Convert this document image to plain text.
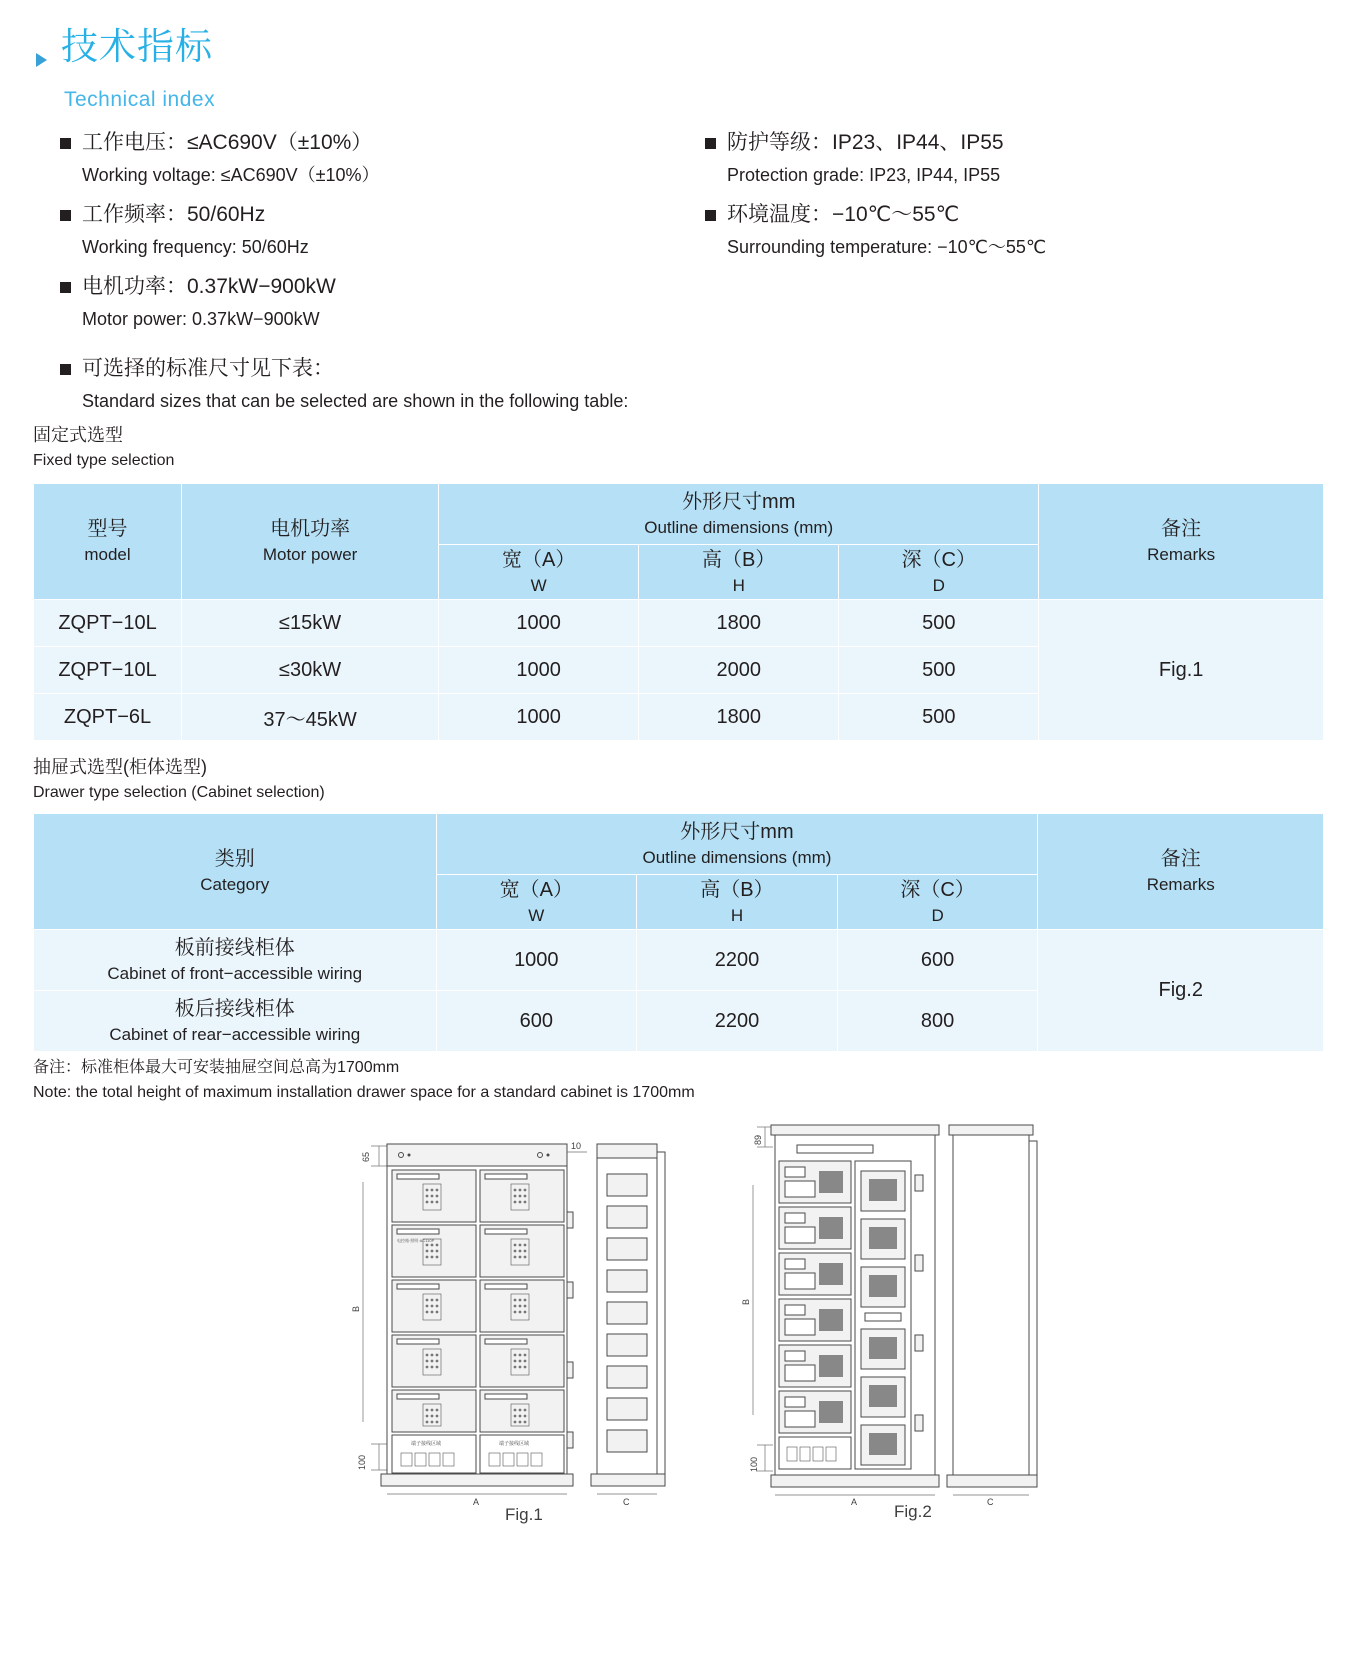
技术指标
Technical index
工作电压：≤AC690V（±10%）
Working voltage: ≤AC690V（±10%）
工作频率：50/60Hz
Working frequency: 50/60Hz
电机功率：0.37kW−900kW
Motor power: 0.37kW−900kW
防护等级：IP23、IP44、IP55
Protection grade: IP23, IP44, IP55
环境温度：−10℃～55℃
Surrounding temperature: −10℃～55℃
可选择的标准尺寸见下表：
Standard sizes that can be selected are shown in the following table:
固定式选型
Fixed type selection
型号
model

电机功率
Motor power

外形尺寸mm
Outline dimensions (mm)	备注
Remarks

宽（A）
W

高（B）
H

深（C）
D

ZQPT−10L	≤15kW	1000	1800	500	Fig.1
ZQPT−10L	≤30kW	1000	2000	500	
ZQPT−6L	37～45kW	1000	1800	500	
抽屉式选型(柜体选型)
Drawer type selection (Cabinet selection)
类别
Category

外形尺寸mm
Outline dimensions (mm)	备注
Remarks

宽（A）
W

高（B）
H

深（C）
D

板前接线柜体
Cabinet of front−accessible wiring	1000	2200	600	Fig.2

板后接线柜体
Cabinet of rear−accessible wiring	600	2200	800	
备注：标准柜体最大可安装抽屉空间总高为1700mm
Note: the total height of maximum installation drawer space for a standard cabinet is 1700mm
65
B
100
10
电控箱·照明·AC110P
端子接线区域	端子接线区域
A	C
Fig.1
89
B
100
A	C
Fig.2
